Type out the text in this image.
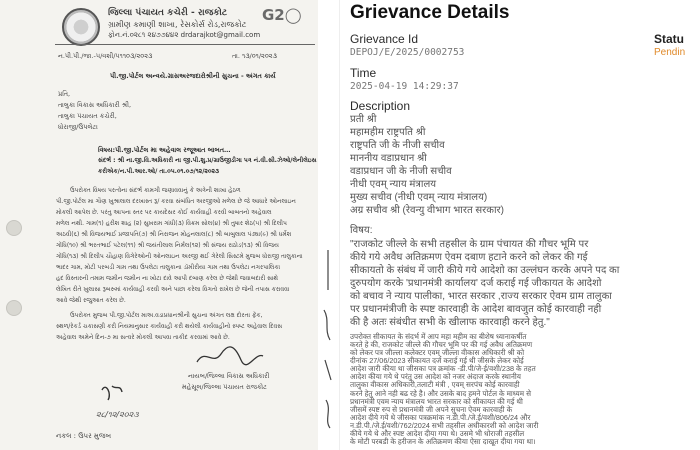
G2◯
જિલ્લા પંચાયત કચેરી - રાજકોટ
ગ્રામીણ કમાણી શાખા, રેસકોર્સ રોડ,રાજકોટ
ફોન.નં.૦૨૮૧ ૨૪૭૭૪૪૨ drdarajkot@gmail.com
ન.પી.પી./જા.-૫/વશી/૫૧૧૦૩/૨૦૨૩	તા. ૧૩/૦૧/૨૦૨૩
પી.જી.પોર્ટલ અન્વયે.ગ્રાસઅરજદારોશ્રીની સુચના - અંગત કાર્ય
પ્રતિ,
તાલુકા વિકાસ અધિકારી શ્રી,
તાલુકા પંચાયત કચેરી,
ધોરાજી/ઉપલેટા
વિષય:પી.જી.પોર્ટલ મા અહેવાલ રજૂઆત બાબત…
સંદર્ભ : શ્રી ના.જી.વિ.અધિકારી ના જી.પી.શુ.પ્ર/ગ્રાઉજીડીગા પત્ર નં.વી.સી.ઝેઓ/લેનીલેઇસ
કરીએક/ન.પી.આર.ઓ/ તા.૦૫.૦૧.૦૭/૧૨/૨૦૨૩
ઉપરોક્ત વિષય પરત્વેના સંદર્ભ કામગી જણાવવાનું કે અત્રેની શાખા હેઠળ
પી.જી.પોર્ટલ મા ગૌણ ખુશ્રાલાલ દરખાસ્ત રૂ/ કરવા સંબંધિત અરજીઓ મળેલ છે જે આધારે ઓનલાઇન
મોકલી આપેલ છે. પરંતુ આપના સ્તર પર કાયદેસર કોઈ કાર્યવાહી કરવી બાબતનો અહેવાલ
મળેલ નથી. ગામ(૧) હરીશ શાહ (૨) સુખરામ ગાંધી(૩) વિક્રમ સોલ(૪) શ્રી તુષાર શેઠ(૫) શ્રી દિલીપ
અઠવી(૬) શ્રી વિજયભાઈ પ્રજાપતિ(૭) શ્રી નિરાજન મોહનલાલ(૮) શ્રી બાબુલાલ પંડ્યા(૯) શ્રી ધર્મેશ
ગોંધિ(૧૦) શ્રી ભરતભાઈ પટેલ(૧૧) શ્રી જયંતીલાલ નિર્મલ(૧૨) શ્રી સંજય રાઠોડ(૧૩) શ્રી વિજય
ગોંધિ(૧૩) શ્રી દિલીપ ચૌહાણ વિગેરેઓની ઓનલાઇન અરજી થઈ ગેરેલી સિસ્ટમે મુજબ ધોરાજી તાલુકાના
ભાદર ગામ, મોટી પરબડી ગામ તથા ઉપલેટા તાલુકાના ડૉમીરીયા ગામ તથા ઉપલેટા નગરપાલિકા
હદ વિસ્તારની તમામ જમીન જમીન ના ખોટા દાવે આપી દબાણ કરેલ છે જેથી જવાબદારી સાથે
લેખિત રીતે ખુલાસા રૂબરુમાં કાર્યવાહી કરવી અને પાછા કરેલા વિગતો રાખેલ છે જેની તપાસ કરાવવા
આવે જેથી રજુઆત કરેલ છે.
ઉપરોક્ત મુજબ પી.જી.પોર્ટલ માઅ.વડાપ્રધાનશ્રીની સુચના અંગત લક્ષ દોરતા ફેંક,
સ્થળ/રેકર્ડ ચકાસણી કરી નિયમાનુસાર કાર્યવાહી કરી થયેલી કાર્યવાહીનો સ્પષ્ટ અહેવાલ દિવસ
અહેવાલ અમેને દિન-૭ મા સત્વરે મોકલી આપવા તાકીદ કરવામાં આવે છે.
નાયબ/જિલ્લા વિકાસ અધિકારી
મહેસૂલ/જિલ્લા પંચાયત રાજકોટ
૨૮/૧૨/૨૦૨૩
નકલ : ઉપર મુજબ
Grievance Details
Grievance Id
DEPOJ/E/2025/0002753
Statu
Pendin
Time
2025-04-19 14:29:37
Description
प्रती श्री
महामहीम राष्ट्रपति श्री
राष्ट्रपति जी के नीजी सचीव
माननीय वडाप्रधान श्री
वडाप्रधान जी के नीजी सचीव
नीधी एवम् न्याय मंत्रालय
मुख्य सचीव (नीधी एवम् न्याय मंत्रालय)
अग्र सचीव श्री (रेवन्यु वीभाग भारत सरकार)
विषय:
"राजकोट जील्ले के सभी तहसील के ग्राम पंचायत की गौचर भूमि पर
कीये गये अवैध अतिक्रमण ऐवम दबाण हटाने करने को लेकर की गई
सीकायतो के संबंध में जारी कीये गये आदेशो का उल्लंघन करके अपने पद का
दुरुपयोग करके 'प्रधानमंत्री कार्यालय' दर्ज कराई गई जीकायत के आदेशो
को बचाव ने न्याय पालीका, भारत सरकार ,राज्य सरकार ऐवम ग्राम तालुका
पर प्रधानमंत्रीजी के स्पष्ट कारवाही के आदेश बावजुत कोई कारवाही नही
की है अतः संबंधीत सभी के खीलाफ कारवाही करने हेतु."
उपरोक्त सीकायत के संदर्भ में आप महा महीम का बीशेष ध्यानाकर्षीत
करते हे की, राजकोट जील्ले की गौचर भूमि पर की गई अवैध अतिक्रमण
को लेकर पत्र जील्ला कलेक्टर एवम् जील्ला वीकास अधिकारी श्री को
दीनांक 27/06/2023 सीकायत दर्ज कराई गई थी जीसके लेकर कोई
आदेश जारी कीया था जीसका पत्र क्रमांक -डी.पी/जे-ई/वशी/238 के तहत
आदेश कीया गये थे परंतु उस आदेश को नजर अंदाज करके स्थानीय
तालुका वीकास अधिकारी,तलाटी मंत्री , एवम् सरपंच कोई कारवाही
करने हेतु आने नही बढ रहे है। और उसके बाद हमने पोर्टल के माध्यम से
प्रधानमंत्री एवम न्याय मंत्रालय भारत सरकार को सीकायत की गई थी
जीसमें स्पष्ट रुप से प्रधानमंत्री जी अपने सुचना ऐवम कारवाही के
आदेश दीये गये थे जीसका पत्रक्रमांक न.डी.पी./जे.ई/वशी/806/24 और
न.डी.पी./जे.ई/वशी/762/2024 सभी तहसील अधीकारशी को आदेश जारी
कीये गये थे और स्पष्ट आदेश दीया गया थे। उसमे भी धोराजी तहसील
के मोटी परबडी के हरीजन के अतिक्रमण कीया ऐसा दाखूत दीया गया था।
